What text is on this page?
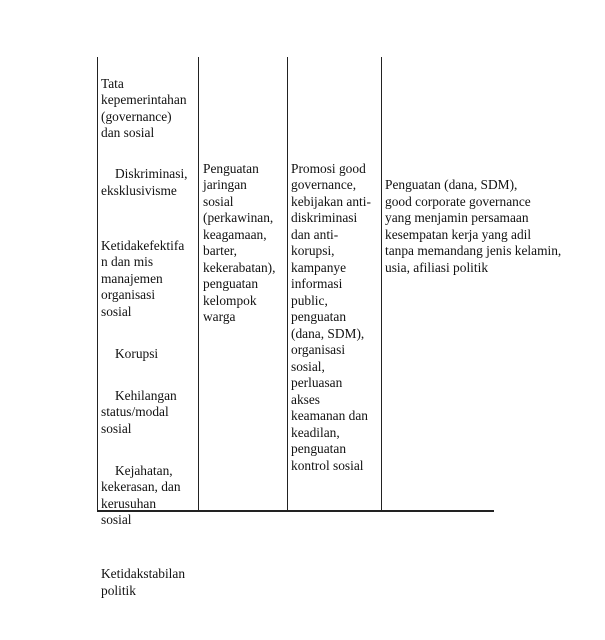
Tata
kepemerintahan
(governance)
dan sosial

Diskriminasi,
eksklusivisme

Ketidakefektifa
n dan mis
manajemen
organisasi
sosial

Korupsi

Kehilangan
status/modal
sosial

Kejahatan,
kekerasan, dan
kerusuhan
sosial

Ketidakstabilan
politik

Penguatan
jaringan
sosial
(perkawinan,
keagamaan,
barter,
kekerabatan),
penguatan
kelompok
warga

Promosi good
governance,
kebijakan anti-
diskriminasi
dan anti-
korupsi,
kampanye
informasi
public,
penguatan
(dana, SDM),
organisasi
sosial,
perluasan
akses
keamanan dan
keadilan,
penguatan
kontrol sosial

Penguatan (dana, SDM),
good corporate governance
yang menjamin persamaan
kesempatan kerja yang adil
tanpa memandang jenis kelamin,
usia, afiliasi politik
